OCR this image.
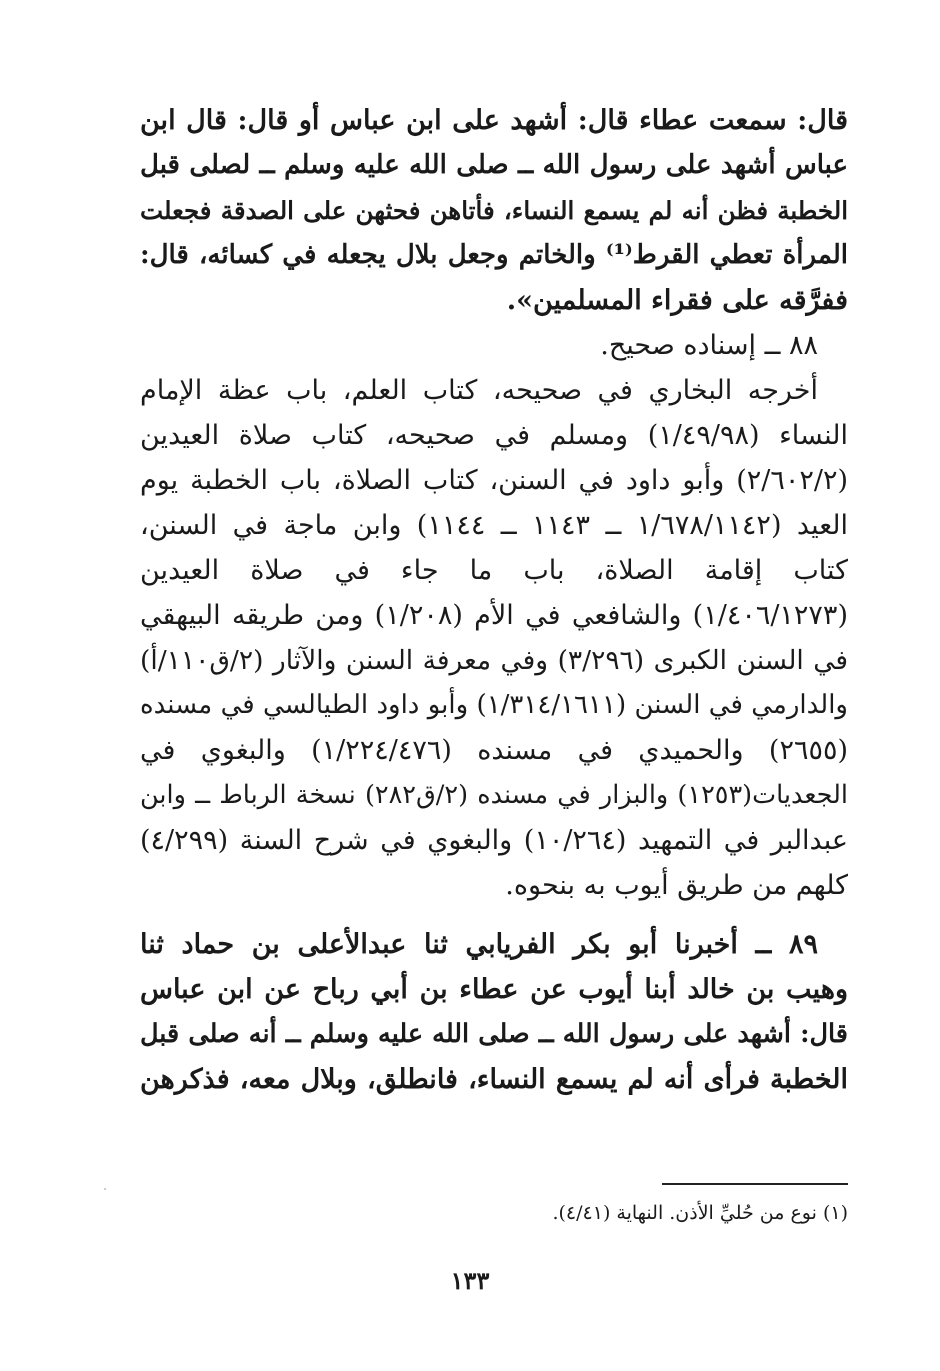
قال: سمعت عطاء قال: أشهد على ابن عباس أو قال: قال ابن
عباس أشهد على رسول الله ــ صلى الله عليه وسلم ــ لصلى قبل
الخطبة فظن أنه لم يسمع النساء، فأتاهن فحثهن على الصدقة فجعلت
المرأة تعطي القرط⁽¹⁾ والخاتم وجعل بلال يجعله في كسائه، قال:
ففرَّقه على فقراء المسلمين».
٨٨ ــ إسناده صحيح.
أخرجه البخاري في صحيحه، كتاب العلم، باب عظة الإمام
النساء (١/٤٩/٩٨) ومسلم في صحيحه، كتاب صلاة العيدين
(٢/٦٠٢/٢) وأبو داود في السنن، كتاب الصلاة، باب الخطبة يوم
العيد (١/٦٧٨/١١٤٢ ــ ١١٤٣ ــ ١١٤٤) وابن ماجة في السنن،
كتاب إقامة الصلاة، باب ما جاء في صلاة العيدين
(١/٤٠٦/١٢٧٣) والشافعي في الأم (١/٢٠٨) ومن طريقه البيهقي
في السنن الكبرى (٣/٢٩٦) وفي معرفة السنن والآثار (٢/ق١١٠/أ)
والدارمي في السنن (١/٣١٤/١٦١١) وأبو داود الطيالسي في مسنده
(٢٦٥٥) والحميدي في مسنده (١/٢٢٤/٤٧٦) والبغوي في
الجعديات(١٢٥٣) والبزار في مسنده (٢/ق٢٨٢) نسخة الرباط ــ وابن
عبدالبر في التمهيد (١٠/٢٦٤) والبغوي في شرح السنة (٤/٢٩٩)
كلهم من طريق أيوب به بنحوه.
٨٩ ــ أخبرنا أبو بكر الفريابي ثنا عبدالأعلى بن حماد ثنا
وهيب بن خالد أبنا أيوب عن عطاء بن أبي رباح عن ابن عباس
قال: أشهد على رسول الله ــ صلى الله عليه وسلم ــ أنه صلى قبل
الخطبة فرأى أنه لم يسمع النساء، فانطلق، وبلال معه، فذكرهن
(١) نوع من حُليِّ الأذن. النهاية (٤/٤١).
١٣٣
